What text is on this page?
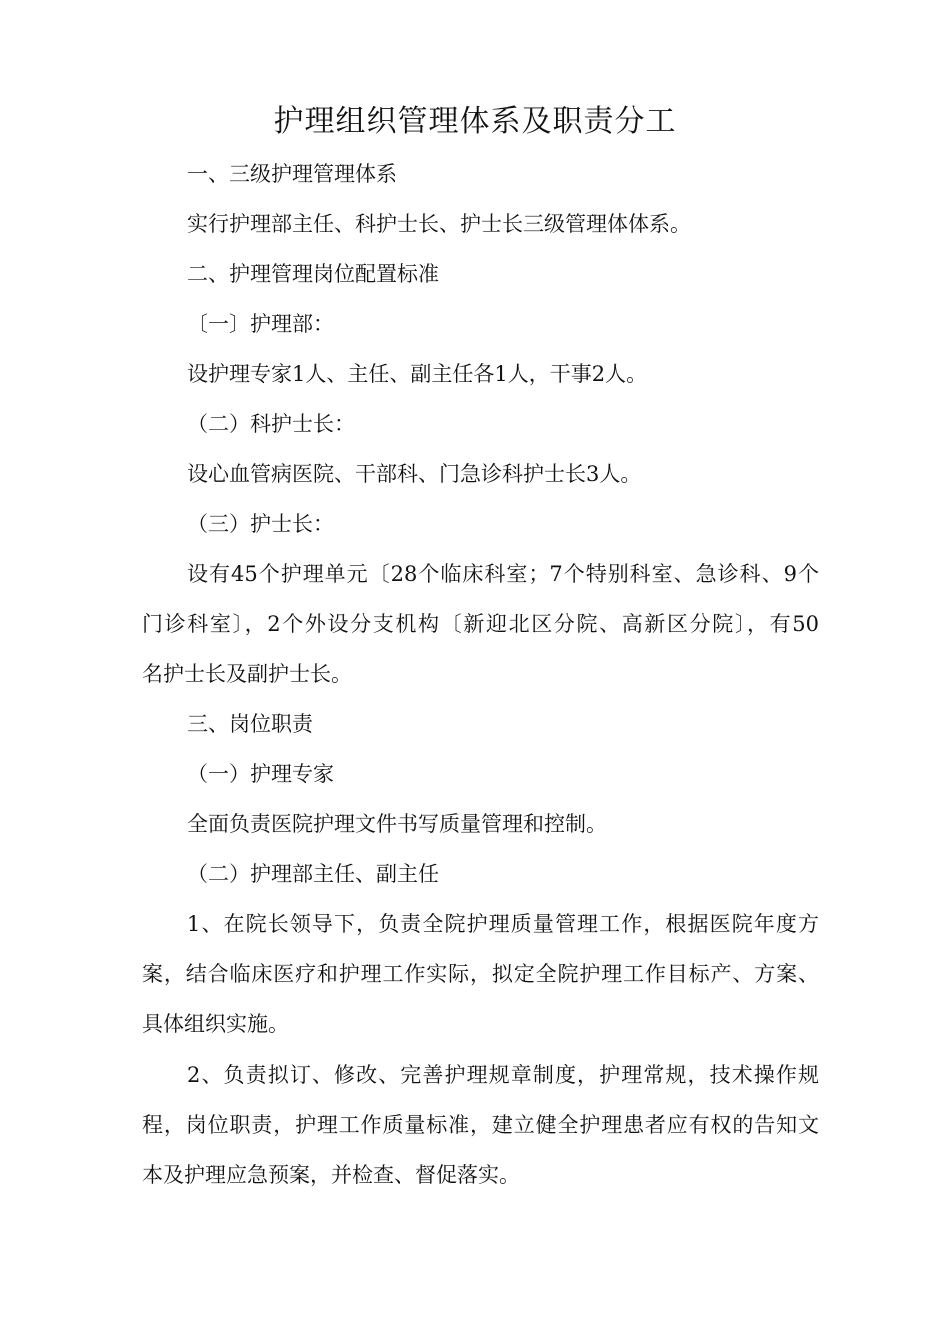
护理组织管理体系及职责分工

一、三级护理管理体系

实行护理部主任、科护士长、护士长三级管理体体系。

二、护理管理岗位配置标准

〔一〕护理部：

设护理专家1人、主任、副主任各1人，干事2人。

（二）科护士长：

设心血管病医院、干部科、门急诊科护士长3人。

（三）护士长：

设有45个护理单元〔28个临床科室；7个特别科室、急诊科、9个

门诊科室〕，2个外设分支机构〔新迎北区分院、高新区分院〕，有50

名护士长及副护士长。

三、岗位职责

（一）护理专家

全面负责医院护理文件书写质量管理和控制。

（二）护理部主任、副主任

1、在院长领导下，负责全院护理质量管理工作，根据医院年度方

案，结合临床医疗和护理工作实际，拟定全院护理工作目标产、方案、

具体组织实施。

2、负责拟订、修改、完善护理规章制度，护理常规，技术操作规

程，岗位职责，护理工作质量标准，建立健全护理患者应有权的告知文

本及护理应急预案，并检查、督促落实。
